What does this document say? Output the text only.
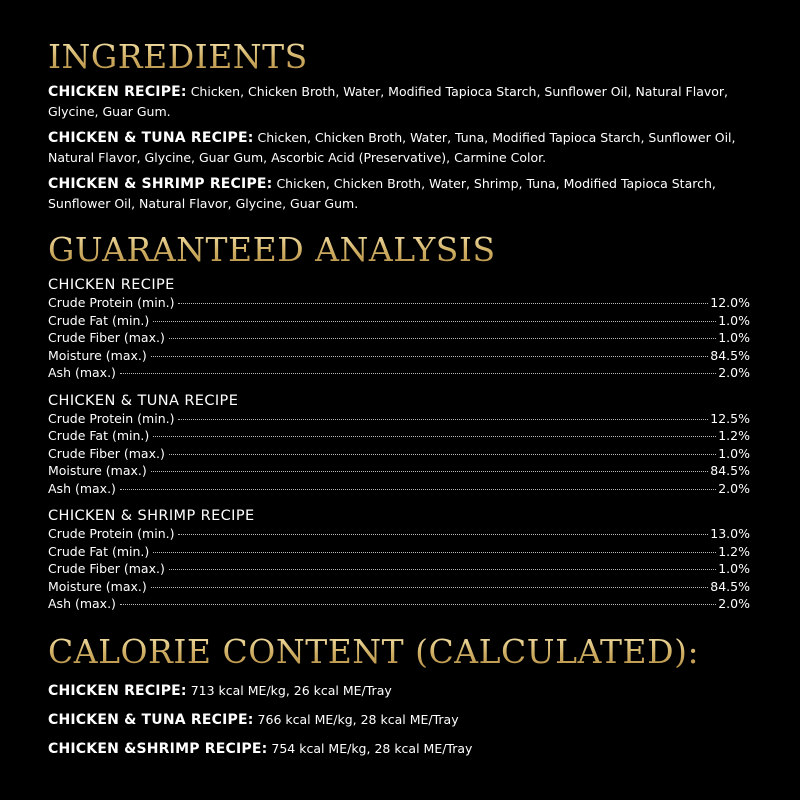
INGREDIENTS

CHICKEN RECIPE: Chicken, Chicken Broth, Water, Modified Tapioca Starch, Sunflower Oil, Natural Flavor, Glycine, Guar Gum.

CHICKEN & TUNA RECIPE: Chicken, Chicken Broth, Water, Tuna, Modified Tapioca Starch, Sunflower Oil, Natural Flavor, Glycine, Guar Gum, Ascorbic Acid (Preservative), Carmine Color.

CHICKEN & SHRIMP RECIPE: Chicken, Chicken Broth, Water, Shrimp, Tuna, Modified Tapioca Starch, Sunflower Oil, Natural Flavor, Glycine, Guar Gum.

GUARANTEED ANALYSIS

CHICKEN RECIPE

Crude Protein (min.)	12.0%
Crude Fat (min.)	1.0%
Crude Fiber (max.)	1.0%
Moisture (max.)	84.5%
Ash (max.)	2.0%

CHICKEN & TUNA RECIPE

Crude Protein (min.)	12.5%
Crude Fat (min.)	1.2%
Crude Fiber (max.)	1.0%
Moisture (max.)	84.5%
Ash (max.)	2.0%

CHICKEN & SHRIMP RECIPE

Crude Protein (min.)	13.0%
Crude Fat (min.)	1.2%
Crude Fiber (max.)	1.0%
Moisture (max.)	84.5%
Ash (max.)	2.0%
CALORIE CONTENT (CALCULATED):

CHICKEN RECIPE: 713 kcal ME/kg, 26 kcal ME/Tray

CHICKEN & TUNA RECIPE: 766 kcal ME/kg, 28 kcal ME/Tray

CHICKEN &SHRIMP RECIPE: 754 kcal ME/kg, 28 kcal ME/Tray
